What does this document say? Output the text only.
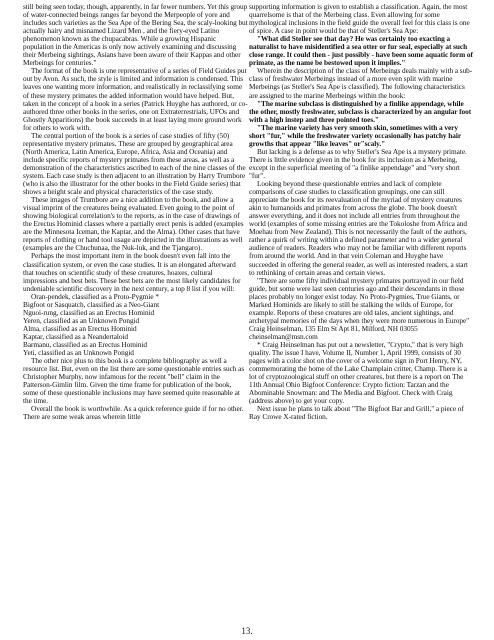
still being seen today, though, apparently, in far fewer numbers. Yet this group of water-connected beings ranges far beyond the Merpeople of yore and includes such varieties as the Sea Ape of the Bering Sea, the scaly-looking but actually hairy and misnamed Lizard Men , and the fiery-eyed Latino phenomenon known as the chupacabras. While a growing Hispanic population in the Americas is only now actively examining and discussing their Merbeing sightings, Asians have been aware of their Kappas and other Merbeings for centuries."

The format of the book is one representative of a series of Field Guides put out by Avon. As such, the style is limited and information is condensed. This leaves one wanting more information, and realistically in reclassifying some of these mystery primates the added information would have helped. But, taken in the concept of a book in a series (Patrick Huyghe has authored, or co-authored three other books in the series, one on Extraterrestrials, UFOs and Ghostly Apparitions) the book succeeds in at least laying more ground work for others to work with.

The central portion of the book is a series of case studies of fifty (50) representative mystery primates. These are grouped by geographical area (North America, Latin America, Europe, Africa, Asia and Oceania) and include specific reports of mystery primates from these areas, as well as a demonstration of the characteristics ascribed to each of the nine classes of the system. Each case study is then adjacent to an illustration by Harry Trumbore (who is also the illustrator for the other books in the Field Guide series) that shows a height scale and physical characteristics of the case study.

These images of Trumbore are a nice addition to the book, and allow a visual imprint of the creatures being evaluated. Even going to the point of showing biological correlation's to the reports, as in the case of drawings of the Erectus Hominid classes where a partially erect penis is added (examples are the Minnesota Iceman, the Kaptar, and the Alma). Other cases that have reports of clothing or hand tool usage are depicted in the illustrations as well (examples are the Chuchunaa, the Nuk-luk, and the Tjangaro).

Perhaps the most important item in the book doesn't even fall into the classification system, or even the case studies. It is an elongated afterward that touches on scientific study of these creatures, hoaxes, cultural impressions and best bets. These best bets are the most likely candidates for undeniable scientific discovery in the next century, a top 8 list if you will:

Oran-pendek, classified as a Proto-Pygmie *

Bigfoot or Sasquatch, classified as a Neo-Giant

Nguoi-rung, classified as an Erectus Hominid

Yeren, classified as an Unknown Pongid

Alma, classified as an Erectus Hominid

Kaptar, classified as a Neandertaloid

Barmanu, classified as an Erectus Hominid

Yeti, classified as an Unknown Pongid

The other nice plus to this book is a complete bibliography as well a resource list. But, even on the list there are some questionable entries such as Christopher Murphy, now infamous for the recent "bell" claim in the Patterson-Gimlin film. Given the time frame for publication of the book, some of these questionable inclusions may have seemed quite reasonable at the time.

Overall the book is worthwhile. As a quick reference guide if for no other. There are some weak areas wherein little

supporting information is given to establish a classification. Again, the most quarrelsome is that of the Merbeing class. Even allowing for some mythological inclusions in the field guide the overall feel for this class is one of spice. A case in point would be that of Steller's Sea Ape:

"What did Steller see that day? He was certainly too exacting a naturalist to have misidentified a sea otter or fur seal, especially at such close range. It could then - just possibly - have been some aquatic form of primate, as the name be bestowed upon it implies."

Wherein the description of the class of Merbeings deals mainly with a sub-class of freshwater Merbeings instead of a more even split with marine Merbeings (as Steller's Sea Ape is classified). The following characteristics are assigned to the marine Merbeings within the book:

"The marine subclass is distinguished by a finlike appendage, while the other, mostly freshwater, subclass is characterized by an angular foot with a high instep and three pointed toes."

"The marine variety has very smooth skin, sometimes with a very short "fur," while the freshwater variety occasionally has patchy hair growths that appear "like leaves" or"scaly."

But lacking is a defense as to why Steller's Sea Ape is a mystery primate. There is little evidence given in the book for its inclusion as a Merbeing, except in the superficial meeting of "a finlike appendage" and "very short "fur".

Looking beyond these questionable entries and lack of complete comparisons of case studies to classification groupings, one can still appreciate the book for its reevaluation of the myriad of mystery creatures akin to humanoids and primates from across the globe. The book doesn't answer everything, and it does not include all entries from throughout the world (examples of some missing entries are the Tokoloshe from Africa and Moehau from New Zealand). This is not necessarily the fault of the authors, rather a quirk of writing within a defined parameter and to a wider general audience of readers. Readers who may not be familiar with different reports from around the world. And in that vein Coleman and Huyghe have succeeded in offering the general reader, as well as interested readers, a start to rethinking of certain areas and certain views.

"There are some fifty individual mystery primates portrayed in our field guide, but some were last seen centuries ago and their descendants in those places probably no longer exist today. No Proto-Pygmies, True Giants, or Marked Hominids are likely to still be stalking the wilds of Europe, for example. Reports of these creatures are old tales, ancient sightings, and archetypal memories of the days when they were more numerous in Europe" Craig Heinselman, 135 Elm St Apt 81, Milford, NH 03055 cheinselman@msn.com

* Craig Heinselman has put out a newsletter, "Crypto," that is very high quality. The issue I have, Volume II, Number 1, April 1999, consists of 30 pages with a color shot on the cover of a welcome sign in Port Henry, NY, commemorating the home of the Lake Champlain critter, Champ. There is a lot of cryptozoological stuff on other creatures, but there is a report on The 11th Annual Ohio Bigfoot Conference: Crypto fiction: Tarzan and the Abominable Snowman: and The Media and Bigfoot. Check with Craig (address above) to get your copy.

Next issue he plans to talk about "The Bigfoot Bar and Grill," a piece of Ray Crowe X-rated fiction.

13.
